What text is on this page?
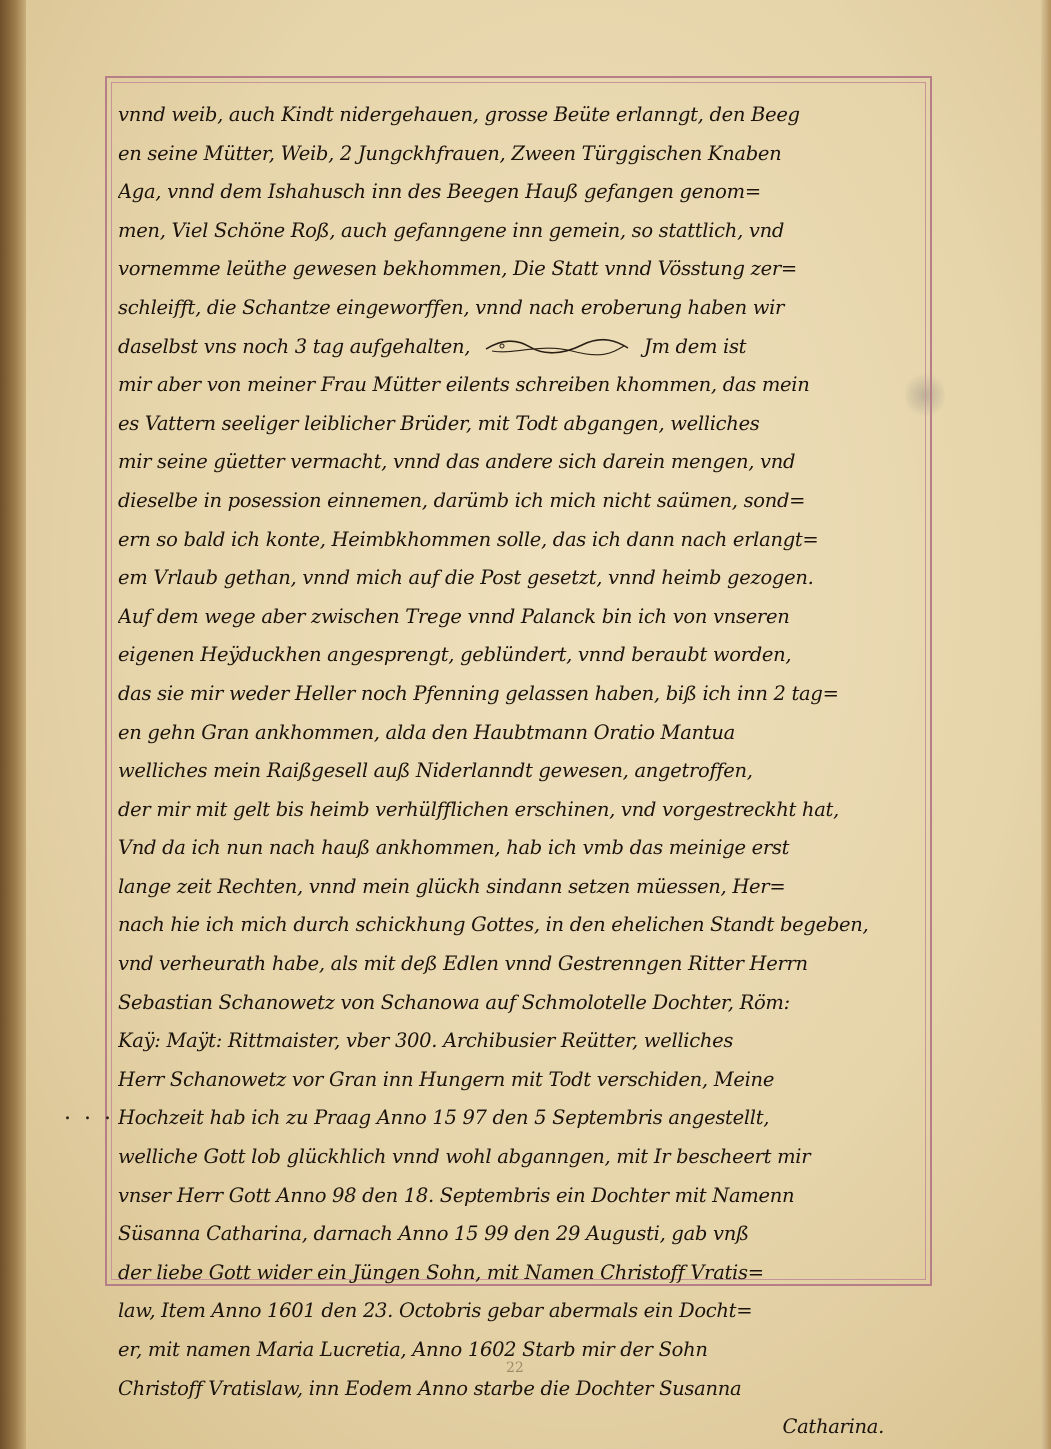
vnnd weib, auch Kindt nidergehauen, grosse Beüte erlanngt, den Beeg
en seine Mütter, Weib, 2 Jungckhfrauen, Zween Türggischen Knaben
Aga, vnnd dem Ishahusch inn des Beegen Hauß gefangen genom=
men, Viel Schöne Roß, auch gefanngene inn gemein, so stattlich, vnd
vornemme leüthe gewesen bekhommen, Die Statt vnnd Vösstung zer=
schleifft, die Schantze eingeworffen, vnnd nach eroberung haben wir
daselbst vns noch 3 tag aufgehalten,	Jm dem ist
mir aber von meiner Frau Mütter eilents schreiben khommen, das mein
es Vattern seeliger leiblicher Brüder, mit Todt abgangen, welliches
mir seine güetter vermacht, vnnd das andere sich darein mengen, vnd
dieselbe in posession einnemen, darümb ich mich nicht saümen, sond=
ern so bald ich konte, Heimbkhommen solle, das ich dann nach erlangt=
em Vrlaub gethan, vnnd mich auf die Post gesetzt, vnnd heimb gezogen.
Auf dem wege aber zwischen Trege vnnd Palanck bin ich von vnseren
eigenen Heÿduckhen angesprengt, geblündert, vnnd beraubt worden,
das sie mir weder Heller noch Pfenning gelassen haben, biß ich inn 2 tag=
en gehn Gran ankhommen, alda den Haubtmann Oratio Mantua
welliches mein Raißgesell auß Niderlanndt gewesen, angetroffen,
der mir mit gelt bis heimb verhülfflichen erschinen, vnd vorgestreckht hat,
Vnd da ich nun nach hauß ankhommen, hab ich vmb das meinige erst
lange zeit Rechten, vnnd mein glückh sindann setzen müessen, Her=
nach hie ich mich durch schickhung Gottes, in den ehelichen Standt begeben,
vnd verheurath habe, als mit deß Edlen vnnd Gestrenngen Ritter Herrn
Sebastian Schanowetz von Schanowa auf Schmolotelle Dochter, Röm:
Kaÿ: Maÿt: Rittmaister, vber 300. Archibusier Reütter, welliches
Herr Schanowetz vor Gran inn Hungern mit Todt verschiden, Meine
Hochzeit hab ich zu Praag Anno 15 97 den 5 Septembris angestellt,
welliche Gott lob glückhlich vnnd wohl abganngen, mit Ir bescheert mir
vnser Herr Gott Anno 98 den 18. Septembris ein Dochter mit Namenn
Süsanna Catharina, darnach Anno 15 99 den 29 Augusti, gab vnß
der liebe Gott wider ein Jüngen Sohn, mit Namen Christoff Vratis=
law, Item Anno 1601 den 23. Octobris gebar abermals ein Docht=
er, mit namen Maria Lucretia, Anno 1602 Starb mir der Sohn
Christoff Vratislaw, inn Eodem Anno starbe die Dochter Susanna
Catharina.
. . .
22
